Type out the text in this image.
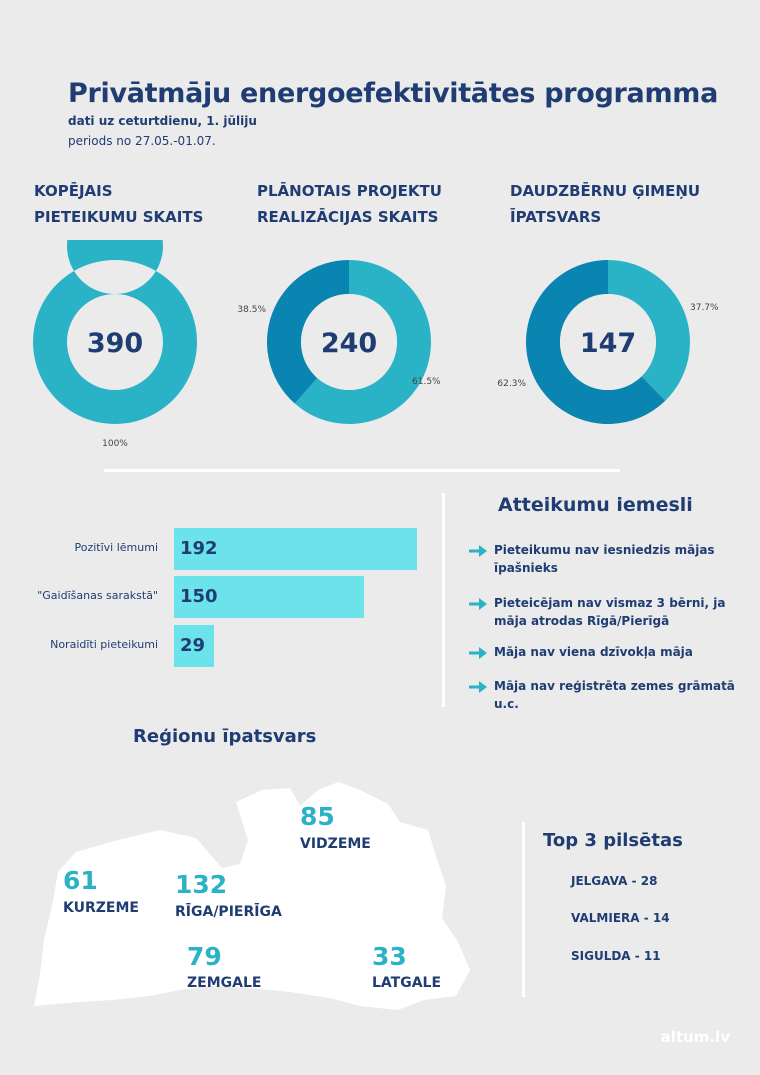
Privātmāju energoefektivitātes programma
dati uz ceturtdienu, 1. jūliju
periods no 27.05.-01.07.
KOPĒJAIS
PIETEIKUMU SKAITS
PLĀNOTAIS PROJEKTU
REALIZĀCIJAS SKAITS
DAUDZBĒRNU ĢIMEŅU
ĪPATSVARS
100%
390
61.5%
38.5%
240
37.7%
62.3%
147
Pozitīvi lēmumi	192
"Gaidīšanas sarakstā"	150
Noraidīti pieteikumi	29
Atteikumu iemesli
Pieteikumu nav iesniedzis mājas īpašnieks
Pieteicējam nav vismaz 3 bērni, ja māja atrodas Rīgā/Pierīgā
Māja nav viena dzīvokļa māja
Māja nav reģistrēta zemes grāmatā u.c.
Reģionu īpatsvars
85
VIDZEME
61
KURZEME
132
RĪGA/PIERĪGA
79
ZEMGALE
33
LATGALE
Top 3 pilsētas
JELGAVA - 28
VALMIERA - 14
SIGULDA - 11
altum.lv
